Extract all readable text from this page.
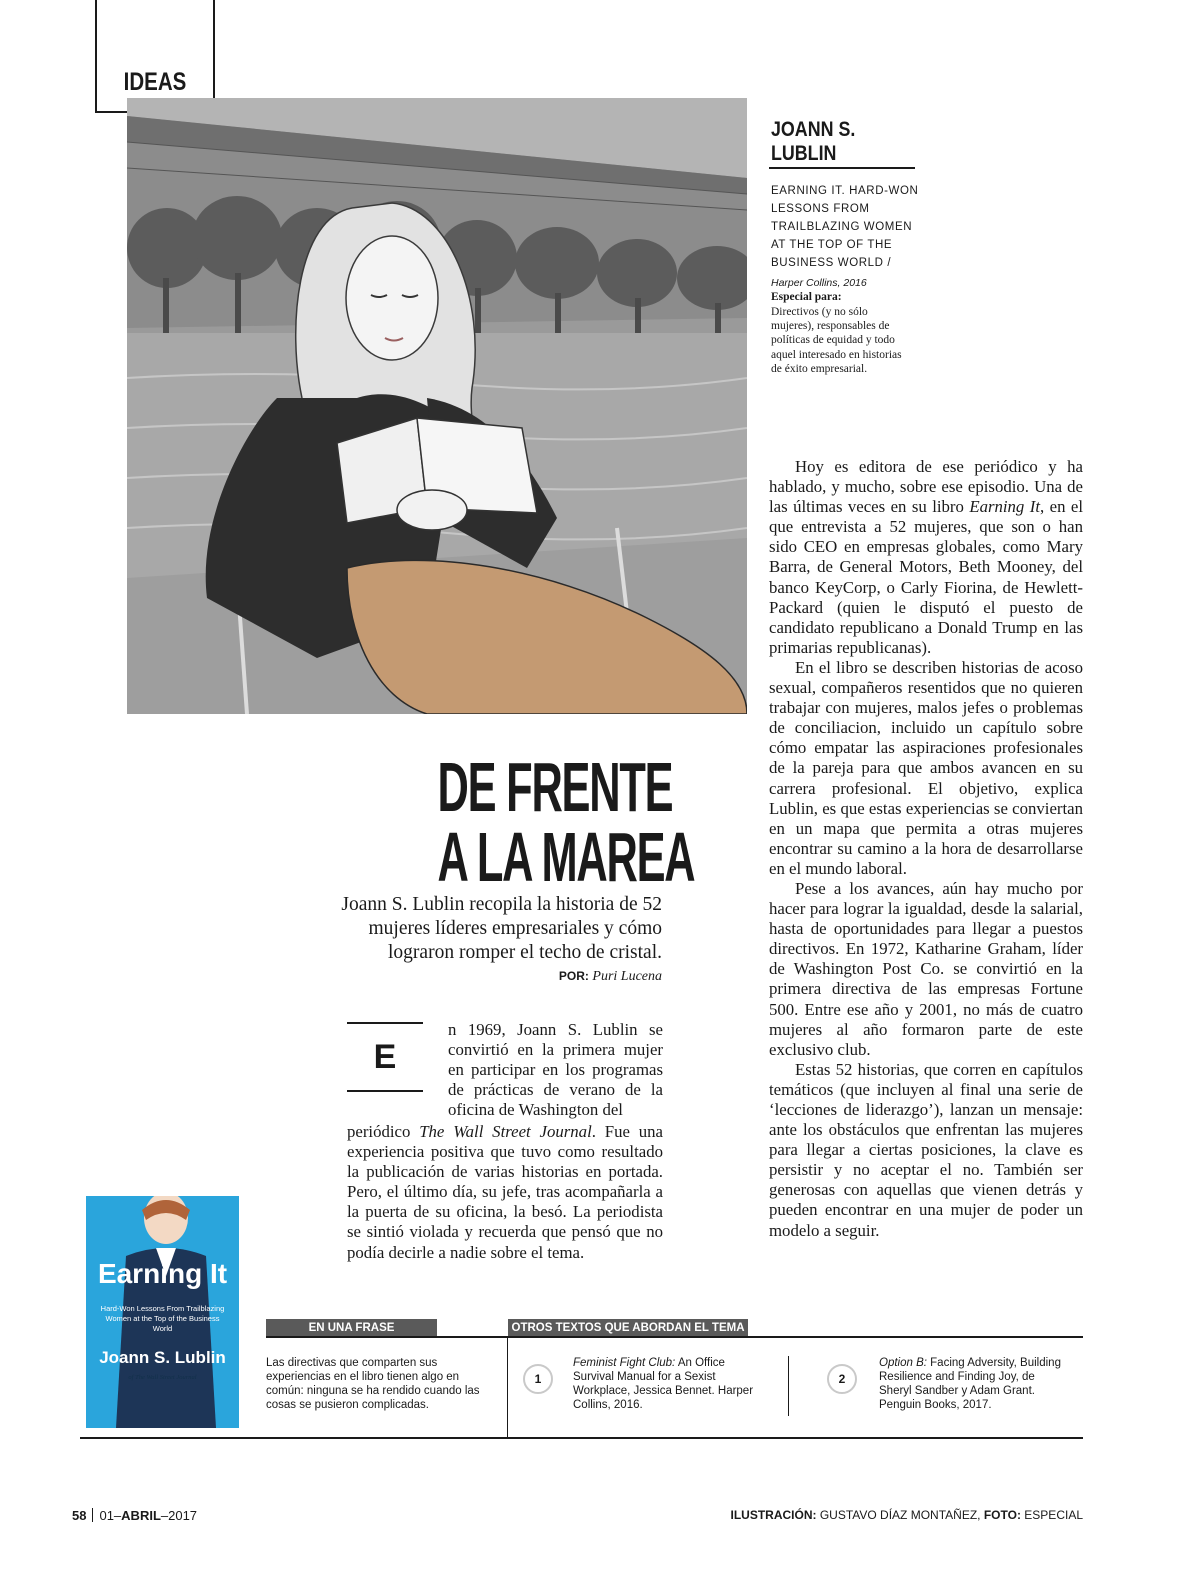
IDEAS
JOANN S. LUBLIN
EARNING IT. HARD-WON LESSONS FROM TRAILBLAZING WOMEN AT THE TOP OF THE BUSINESS WORLD /
Harper Collins, 2016
Especial para:
Directivos (y no sólo mujeres), responsables de políticas de equidad y todo aquel interesado en historias de éxito empresarial.
DE FRENTE
A LA MAREA
Joann S. Lublin recopila la historia de 52 mujeres líderes empresariales y cómo lograron romper el techo de cristal.
POR: Puri Lucena
E

n 1969, Joann S. Lublin se convirtió en la primera mujer en participar en los programas de prácticas de verano de la oficina de Washington del

periódico The Wall Street Journal. Fue una experiencia positiva que tuvo como resultado la publicación de varias historias en portada. Pero, el último día, su jefe, tras acompañarla a la puerta de su oficina, la besó. La periodista se sintió violada y recuerda que pensó que no podía decirle a nadie sobre el tema.

Hoy es editora de ese periódico y ha hablado, y mucho, sobre ese episodio. Una de las últimas veces en su libro Earning It, en el que entrevista a 52 mujeres, que son o han sido CEO en empresas globales, como Mary Barra, de General Motors, Beth Mooney, del banco KeyCorp, o Carly Fiorina, de Hewlett-Packard (quien le disputó el puesto de candidato republicano a Donald Trump en las primarias republicanas).

En el libro se describen historias de acoso sexual, compañeros resentidos que no quieren trabajar con mujeres, malos jefes o problemas de conciliacion, incluido un capítulo sobre cómo empatar las aspiraciones profesionales de la pareja para que ambos avancen en su carrera profesional. El objetivo, explica Lublin, es que estas experiencias se conviertan en un mapa que permita a otras mujeres encontrar su camino a la hora de desarrollarse en el mundo laboral.

Pese a los avances, aún hay mucho por hacer para lograr la igualdad, desde la salarial, hasta de oportunidades para llegar a puestos directivos. En 1972, Katharine Graham, líder de Washington Post Co. se convirtió en la primera directiva de las empresas Fortune 500. Entre ese año y 2001, no más de cuatro mujeres al año formaron parte de este exclusivo club.

Estas 52 historias, que corren en capítulos temáticos (que incluyen al final una serie de ‘lecciones de liderazgo’), lanzan un mensaje: ante los obstáculos que enfrentan las mujeres para llegar a ciertas posiciones, la clave es persistir y no aceptar el no. También ser generosas con aquellas que vienen detrás y pueden encontrar en una mujer de poder un modelo a seguir.

Earning It
Hard-Won Lessons From Trailblazing Women at the Top of the Business World
Joann S. Lublin
of The Wall Street Journal
EN UNA FRASE	OTROS TEXTOS QUE ABORDAN EL TEMA
Las directivas que comparten sus experiencias en el libro tienen algo en común: ninguna se ha rendido cuando las cosas se pusieron complicadas.
1
Feminist Fight Club: An Office Survival Manual for a Sexist Workplace, Jessica Bennet. Harper Collins, 2016.
2
Option B: Facing Adversity, Building Resilience and Finding Joy, de Sheryl Sandber y Adam Grant. Penguin Books, 2017.
58 01–ABRIL–2017	ILUSTRACIÓN: GUSTAVO DÍAZ MONTAÑEZ, FOTO: ESPECIAL
